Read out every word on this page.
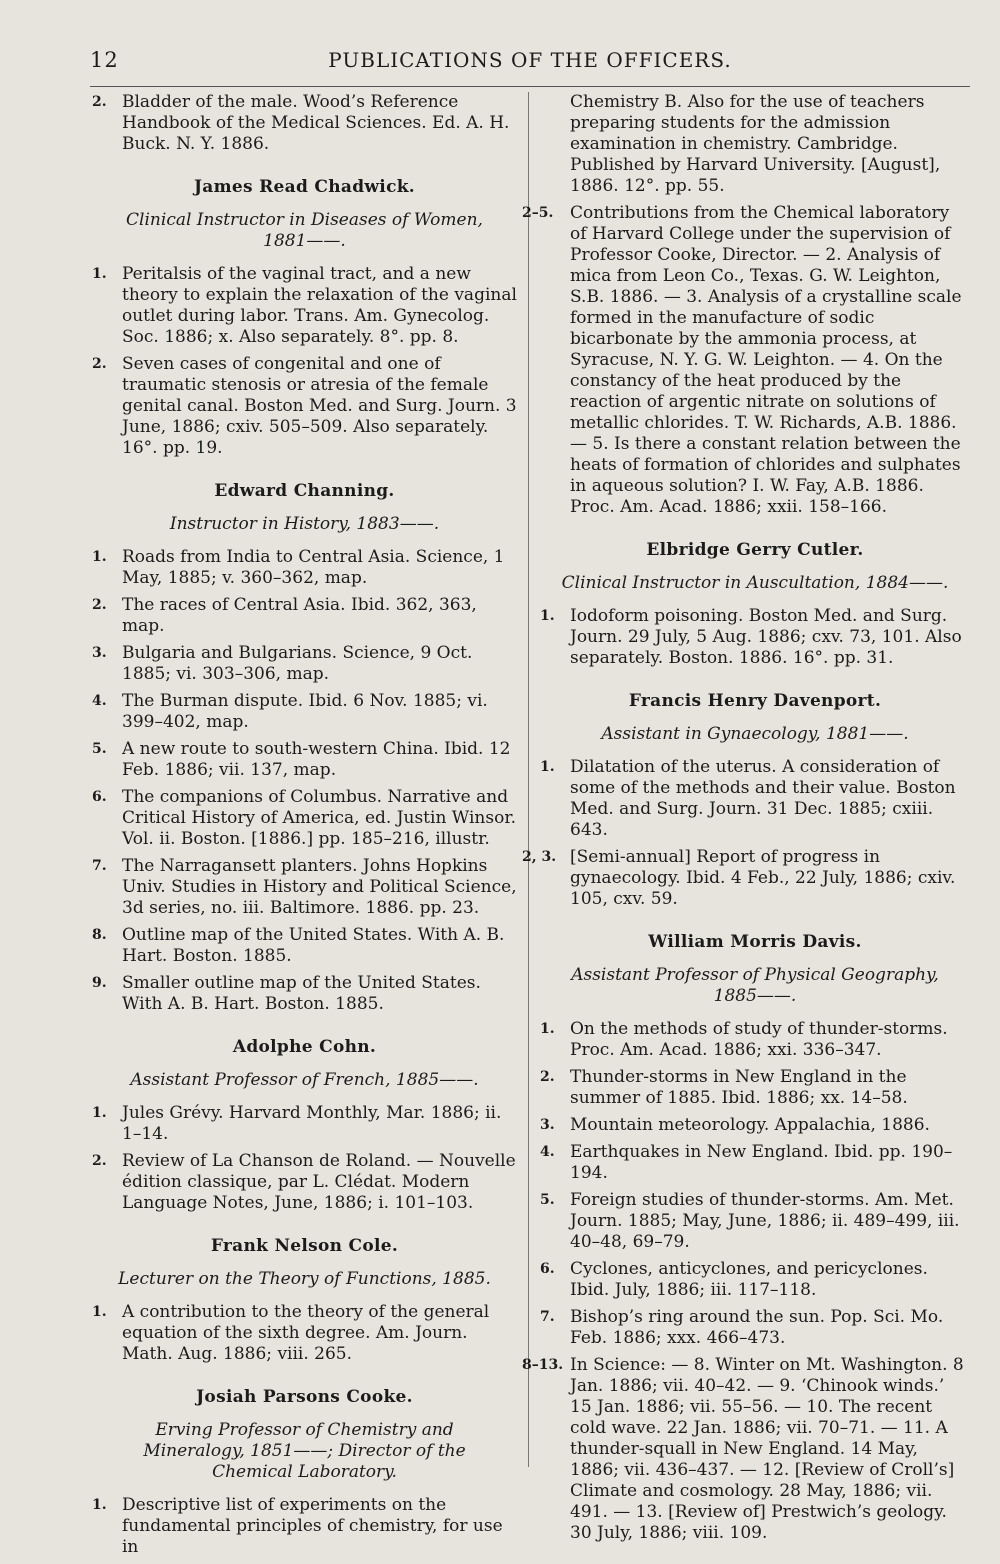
12	PUBLICATIONS OF THE OFFICERS.
2. Bladder of the male. Wood’s Reference Handbook of the Medical Sciences. Ed. A. H. Buck. N. Y. 1886.
James Read Chadwick.
Clinical Instructor in Diseases of Women, 1881——.
1. Peritalsis of the vaginal tract, and a new theory to explain the relaxation of the vaginal outlet during labor. Trans. Am. Gynecolog. Soc. 1886; x. Also separately. 8°. pp. 8.
2. Seven cases of congenital and one of traumatic stenosis or atresia of the female genital canal. Boston Med. and Surg. Journ. 3 June, 1886; cxiv. 505–509. Also separately. 16°. pp. 19.
Edward Channing.
Instructor in History, 1883——.
1. Roads from India to Central Asia. Science, 1 May, 1885; v. 360–362, map.
2. The races of Central Asia. Ibid. 362, 363, map.
3. Bulgaria and Bulgarians. Science, 9 Oct. 1885; vi. 303–306, map.
4. The Burman dispute. Ibid. 6 Nov. 1885; vi. 399–402, map.
5. A new route to south-western China. Ibid. 12 Feb. 1886; vii. 137, map.
6. The companions of Columbus. Narrative and Critical History of America, ed. Justin Winsor. Vol. ii. Boston. [1886.] pp. 185–216, illustr.
7. The Narragansett planters. Johns Hopkins Univ. Studies in History and Political Science, 3d series, no. iii. Baltimore. 1886. pp. 23.
8. Outline map of the United States. With A. B. Hart. Boston. 1885.
9. Smaller outline map of the United States. With A. B. Hart. Boston. 1885.
Adolphe Cohn.
Assistant Professor of French, 1885——.
1. Jules Grévy. Harvard Monthly, Mar. 1886; ii. 1–14.
2. Review of La Chanson de Roland. — Nouvelle édition classique, par L. Clédat. Modern Language Notes, June, 1886; i. 101–103.
Frank Nelson Cole.
Lecturer on the Theory of Functions, 1885.
1. A contribution to the theory of the general equation of the sixth degree. Am. Journ. Math. Aug. 1886; viii. 265.
Josiah Parsons Cooke.
Erving Professor of Chemistry and Mineralogy, 1851——; Director of the Chemical Laboratory.
1. Descriptive list of experiments on the fundamental principles of chemistry, for use in
Chemistry B. Also for the use of teachers preparing students for the admission examination in chemistry. Cambridge. Published by Harvard University. [August], 1886. 12°. pp. 55.
2–5. Contributions from the Chemical laboratory of Harvard College under the supervision of Professor Cooke, Director. — 2. Analysis of mica from Leon Co., Texas. G. W. Leighton, S.B. 1886. — 3. Analysis of a crystalline scale formed in the manufacture of sodic bicarbonate by the ammonia process, at Syracuse, N. Y. G. W. Leighton. — 4. On the constancy of the heat produced by the reaction of argentic nitrate on solutions of metallic chlorides. T. W. Richards, A.B. 1886. — 5. Is there a constant relation between the heats of formation of chlorides and sulphates in aqueous solution? I. W. Fay, A.B. 1886. Proc. Am. Acad. 1886; xxii. 158–166.
Elbridge Gerry Cutler.
Clinical Instructor in Auscultation, 1884——.
1. Iodoform poisoning. Boston Med. and Surg. Journ. 29 July, 5 Aug. 1886; cxv. 73, 101. Also separately. Boston. 1886. 16°. pp. 31.
Francis Henry Davenport.
Assistant in Gynaecology, 1881——.
1. Dilatation of the uterus. A consideration of some of the methods and their value. Boston Med. and Surg. Journ. 31 Dec. 1885; cxiii. 643.
2, 3. [Semi-annual] Report of progress in gynaecology. Ibid. 4 Feb., 22 July, 1886; cxiv. 105, cxv. 59.
William Morris Davis.
Assistant Professor of Physical Geography, 1885——.
1. On the methods of study of thunder-storms. Proc. Am. Acad. 1886; xxi. 336–347.
2. Thunder-storms in New England in the summer of 1885. Ibid. 1886; xx. 14–58.
3. Mountain meteorology. Appalachia, 1886.
4. Earthquakes in New England. Ibid. pp. 190–194.
5. Foreign studies of thunder-storms. Am. Met. Journ. 1885; May, June, 1886; ii. 489–499, iii. 40–48, 69–79.
6. Cyclones, anticyclones, and pericyclones. Ibid. July, 1886; iii. 117–118.
7. Bishop’s ring around the sun. Pop. Sci. Mo. Feb. 1886; xxx. 466–473.
8–13. In Science: — 8. Winter on Mt. Washington. 8 Jan. 1886; vii. 40–42. — 9. ‘Chinook winds.’ 15 Jan. 1886; vii. 55–56. — 10. The recent cold wave. 22 Jan. 1886; vii. 70–71. — 11. A thunder-squall in New England. 14 May, 1886; vii. 436–437. — 12. [Review of Croll’s] Climate and cosmology. 28 May, 1886; vii. 491. — 13. [Review of] Prestwich’s geology. 30 July, 1886; viii. 109.
